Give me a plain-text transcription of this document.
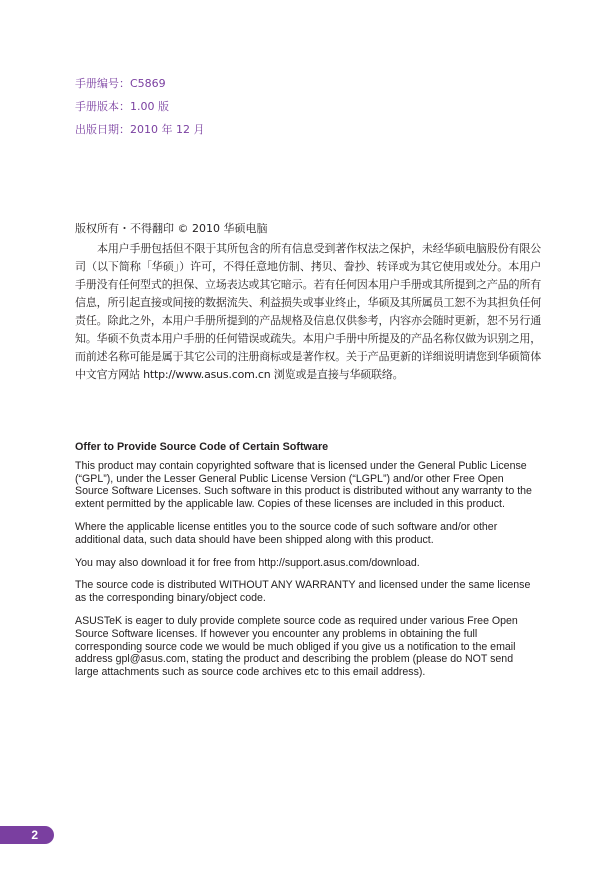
手册编号：C5869
手册版本：1.00 版
出版日期：2010 年 12 月

版权所有・不得翻印 © 2010 华硕电脑

本用户手册包括但不限于其所包含的所有信息受到著作权法之保护，未经华硕电脑股份有限公司（以下简称「华硕」）许可，不得任意地仿制、拷贝、誊抄、转译或为其它使用或处分。本用户手册没有任何型式的担保、立场表达或其它暗示。若有任何因本用户手册或其所提到之产品的所有信息，所引起直接或间接的数据流失、利益损失或事业终止，华硕及其所属员工恕不为其担负任何责任。除此之外，本用户手册所提到的产品规格及信息仅供参考，内容亦会随时更新，恕不另行通知。华硕不负责本用户手册的任何错误或疏失。本用户手册中所提及的产品名称仅做为识别之用，而前述名称可能是属于其它公司的注册商标或是著作权。关于产品更新的详细说明请您到华硕简体中文官方网站 http://www.asus.com.cn 浏览或是直接与华硕联络。

Offer to Provide Source Code of Certain Software

This product may contain copyrighted software that is licensed under the General Public License (“GPL”), under the Lesser General Public License Version (“LGPL”) and/or other Free Open Source Software Licenses. Such software in this product is distributed without any warranty to the extent permitted by the applicable law. Copies of these licenses are included in this product.

Where the applicable license entitles you to the source code of such software and/or other additional data, such data should have been shipped along with this product.

You may also download it for free from http://support.asus.com/download.

The source code is distributed WITHOUT ANY WARRANTY and licensed under the same license as the corresponding binary/object code.

ASUSTeK is eager to duly provide complete source code as required under various Free Open Source Software licenses. If however you encounter any problems in obtaining the full corresponding source code we would be much obliged if you give us a notification to the email address gpl@asus.com, stating the product and describing the problem (please do NOT send large attachments such as source code archives etc to this email address).

2
